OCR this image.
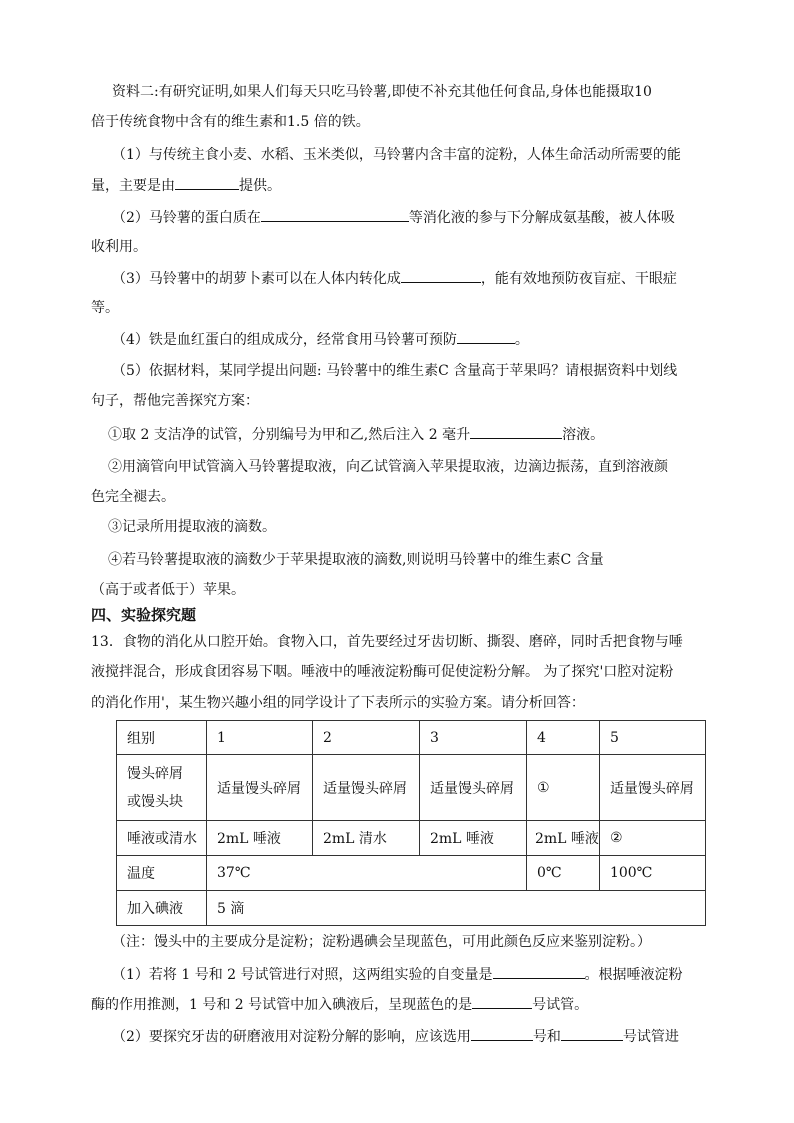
资料二:有研究证明,如果人们每天只吃马铃薯,即使不补充其他任何食品,身体也能摄取10
倍于传统食物中含有的维生素和1.5 倍的铁。
（1）与传统主食小麦、水稻、玉米类似，马铃薯内含丰富的淀粉，人体生命活动所需要的能
量，主要是由	提供。
（2）马铃薯的蛋白质在	等消化液的参与下分解成氨基酸，被人体吸
收利用。
（3）马铃薯中的胡萝卜素可以在人体内转化成	，能有效地预防夜盲症、干眼症
等。
（4）铁是血红蛋白的组成成分，经常食用马铃薯可预防	。
（5）依据材料，某同学提出问题: 马铃薯中的维生素C 含量高于苹果吗？请根据资料中划线
句子，帮他完善探究方案：
①取 2 支洁净的试管，分别编号为甲和乙,然后注入 2 毫升	溶液。
②用滴管向甲试管滴入马铃薯提取液，向乙试管滴入苹果提取液，边滴边振荡，直到溶液颜
色完全褪去。
③记录所用提取液的滴数。
④若马铃薯提取液的滴数少于苹果提取液的滴数,则说明马铃薯中的维生素C 含量
（高于或者低于）苹果。
四、实验探究题
13．食物的消化从口腔开始。食物入口，首先要经过牙齿切断、撕裂、磨碎，同时舌把食物与唾
液搅拌混合，形成食团容易下咽。唾液中的唾液淀粉酶可促使淀粉分解。 为了探究'口腔对淀粉
的消化作用'，某生物兴趣小组的同学设计了下表所示的实验方案。请分析回答：
组别	1	2	3	4	5

馒头碎屑
或馒头块	适量馒头碎屑	适量馒头碎屑	适量馒头碎屑	①	适量馒头碎屑
唾液或清水	2mL 唾液	2mL 清水	2mL 唾液	2mL 唾液	②
温度	37℃			0℃	100℃
加入碘液	5 滴				
（注：馒头中的主要成分是淀粉；淀粉遇碘会呈现蓝色，可用此颜色反应来鉴别淀粉。）
（1）若将 1 号和 2 号试管进行对照，这两组实验的自变量是	。根据唾液淀粉
酶的作用推测，1 号和 2 号试管中加入碘液后，呈现蓝色的是	号试管。
（2）要探究牙齿的研磨液用对淀粉分解的影响，应该选用	号和	号试管进
